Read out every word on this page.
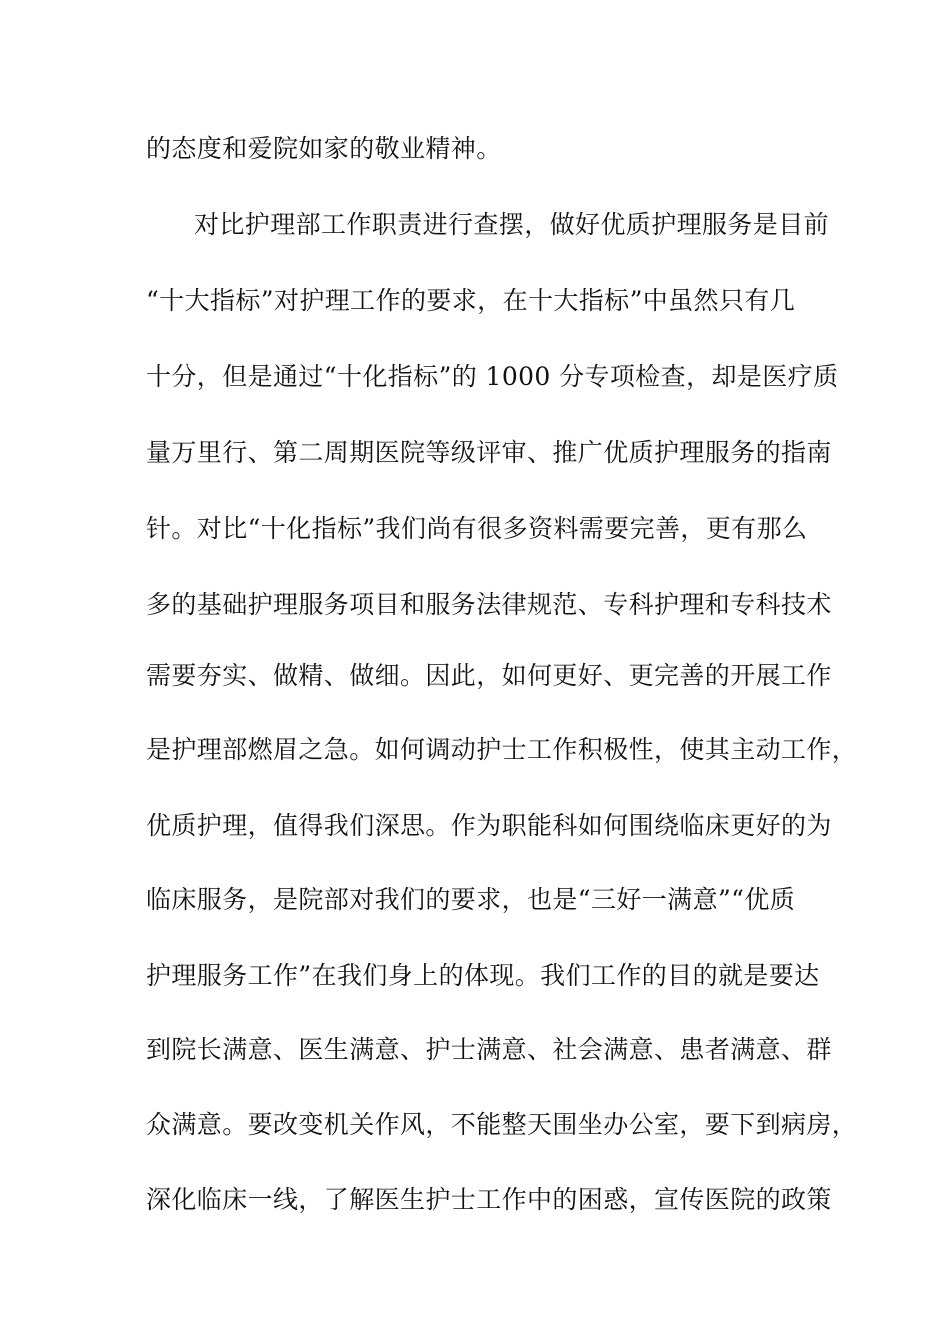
的态度和爱院如家的敬业精神。
对比护理部工作职责进行查摆，做好优质护理服务是目前
“十大指标”对护理工作的要求，在十大指标”中虽然只有几
十分，但是通过“十化指标”的 1000 分专项检查，却是医疗质
量万里行、第二周期医院等级评审、推广优质护理服务的指南
针。对比“十化指标”我们尚有很多资料需要完善，更有那么
多的基础护理服务项目和服务法律规范、专科护理和专科技术
需要夯实、做精、做细。因此，如何更好、更完善的开展工作
是护理部燃眉之急。如何调动护士工作积极性，使其主动工作，
优质护理，值得我们深思。作为职能科如何围绕临床更好的为
临床服务，是院部对我们的要求，也是“三好一满意”“优质
护理服务工作”在我们身上的体现。我们工作的目的就是要达
到院长满意、医生满意、护士满意、社会满意、患者满意、群
众满意。要改变机关作风，不能整天围坐办公室，要下到病房，
深化临床一线，了解医生护士工作中的困惑，宣传医院的政策
